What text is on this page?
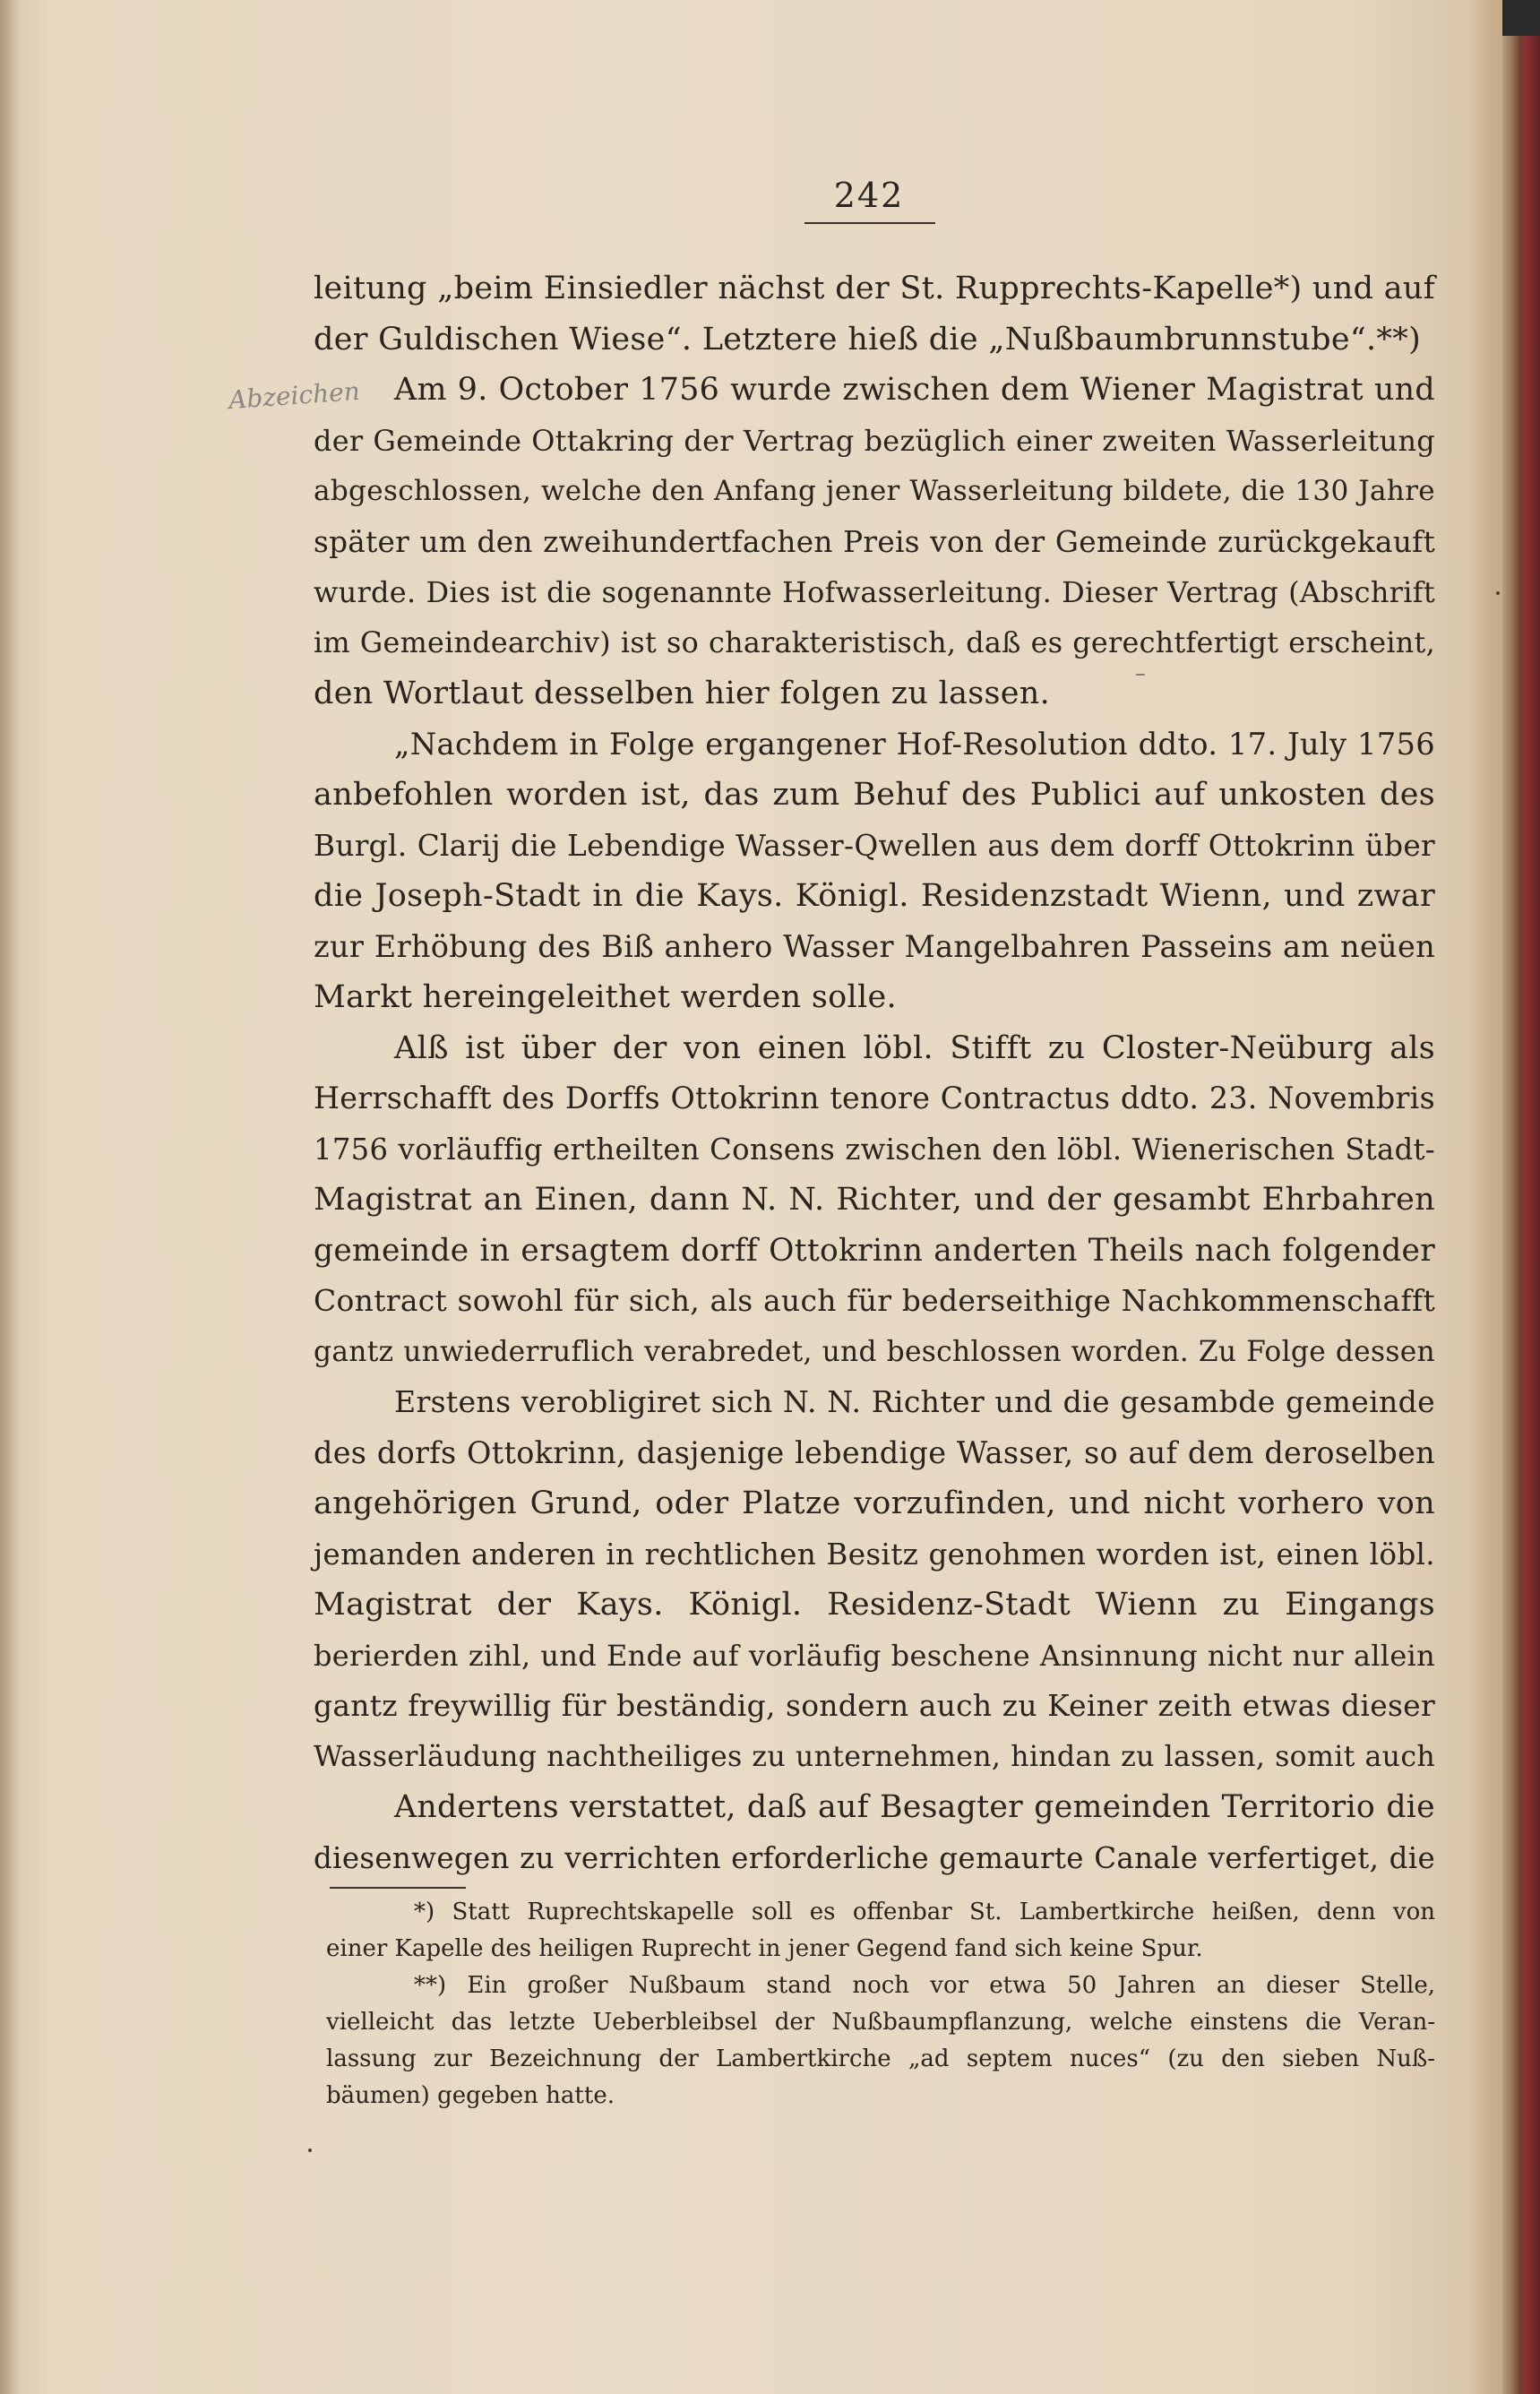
242
Abzeichen
leitung „beim Einsiedler nächst der St. Rupprechts-Kapelle*) und auf
der Guldischen Wiese“. Letztere hieß die „Nußbaumbrunnstube“.**)
Am 9. October 1756 wurde zwischen dem Wiener Magistrat und
der Gemeinde Ottakring der Vertrag bezüglich einer zweiten Wasserleitung
abgeschlossen, welche den Anfang jener Wasserleitung bildete, die 130 Jahre
später um den zweihundertfachen Preis von der Gemeinde zurückgekauft
wurde. Dies ist die sogenannte Hofwasserleitung. Dieser Vertrag (Abschrift
im Gemeindearchiv) ist so charakteristisch, daß es gerechtfertigt erscheint,
den Wortlaut desselben hier folgen zu lassen.
„Nachdem in Folge ergangener Hof-Resolution ddto. 17. July 1756
anbefohlen worden ist, das zum Behuf des Publici auf unkosten des
Burgl. Clarij die Lebendige Wasser-Qwellen aus dem dorff Ottokrinn über
die Joseph-Stadt in die Kays. Königl. Residenzstadt Wienn, und zwar
zur Erhöbung des Biß anhero Wasser Mangelbahren Passeins am neüen
Markt hereingeleithet werden solle.
Alß ist über der von einen löbl. Stifft zu Closter-Neüburg als
Herrschafft des Dorffs Ottokrinn tenore Contractus ddto. 23. Novembris
1756 vorläuffig ertheilten Consens zwischen den löbl. Wienerischen Stadt-
Magistrat an Einen, dann N. N. Richter, und der gesambt Ehrbahren
gemeinde in ersagtem dorff Ottokrinn anderten Theils nach folgender
Contract sowohl für sich, als auch für bederseithige Nachkommenschafft
gantz unwiederruflich verabredet, und beschlossen worden. Zu Folge dessen
Erstens verobligiret sich N. N. Richter und die gesambde gemeinde
des dorfs Ottokrinn, dasjenige lebendige Wasser, so auf dem deroselben
angehörigen Grund, oder Platze vorzufinden, und nicht vorhero von
jemanden anderen in rechtlichen Besitz genohmen worden ist, einen löbl.
Magistrat der Kays. Königl. Residenz-Stadt Wienn zu Eingangs
berierden zihl, und Ende auf vorläufig beschene Ansinnung nicht nur allein
gantz freywillig für beständig, sondern auch zu Keiner zeith etwas dieser
Wasserläudung nachtheiliges zu unternehmen, hindan zu lassen, somit auch
Andertens verstattet, daß auf Besagter gemeinden Territorio die
diesenwegen zu verrichten erforderliche gemaurte Canale verfertiget, die
*) Statt Ruprechtskapelle soll es offenbar St. Lambertkirche heißen, denn von
einer Kapelle des heiligen Ruprecht in jener Gegend fand sich keine Spur.
**) Ein großer Nußbaum stand noch vor etwa 50 Jahren an dieser Stelle,
vielleicht das letzte Ueberbleibsel der Nußbaumpflanzung, welche einstens die Veran-
lassung zur Bezeichnung der Lambertkirche „ad septem nuces“ (zu den sieben Nuß-
bäumen) gegeben hatte.
